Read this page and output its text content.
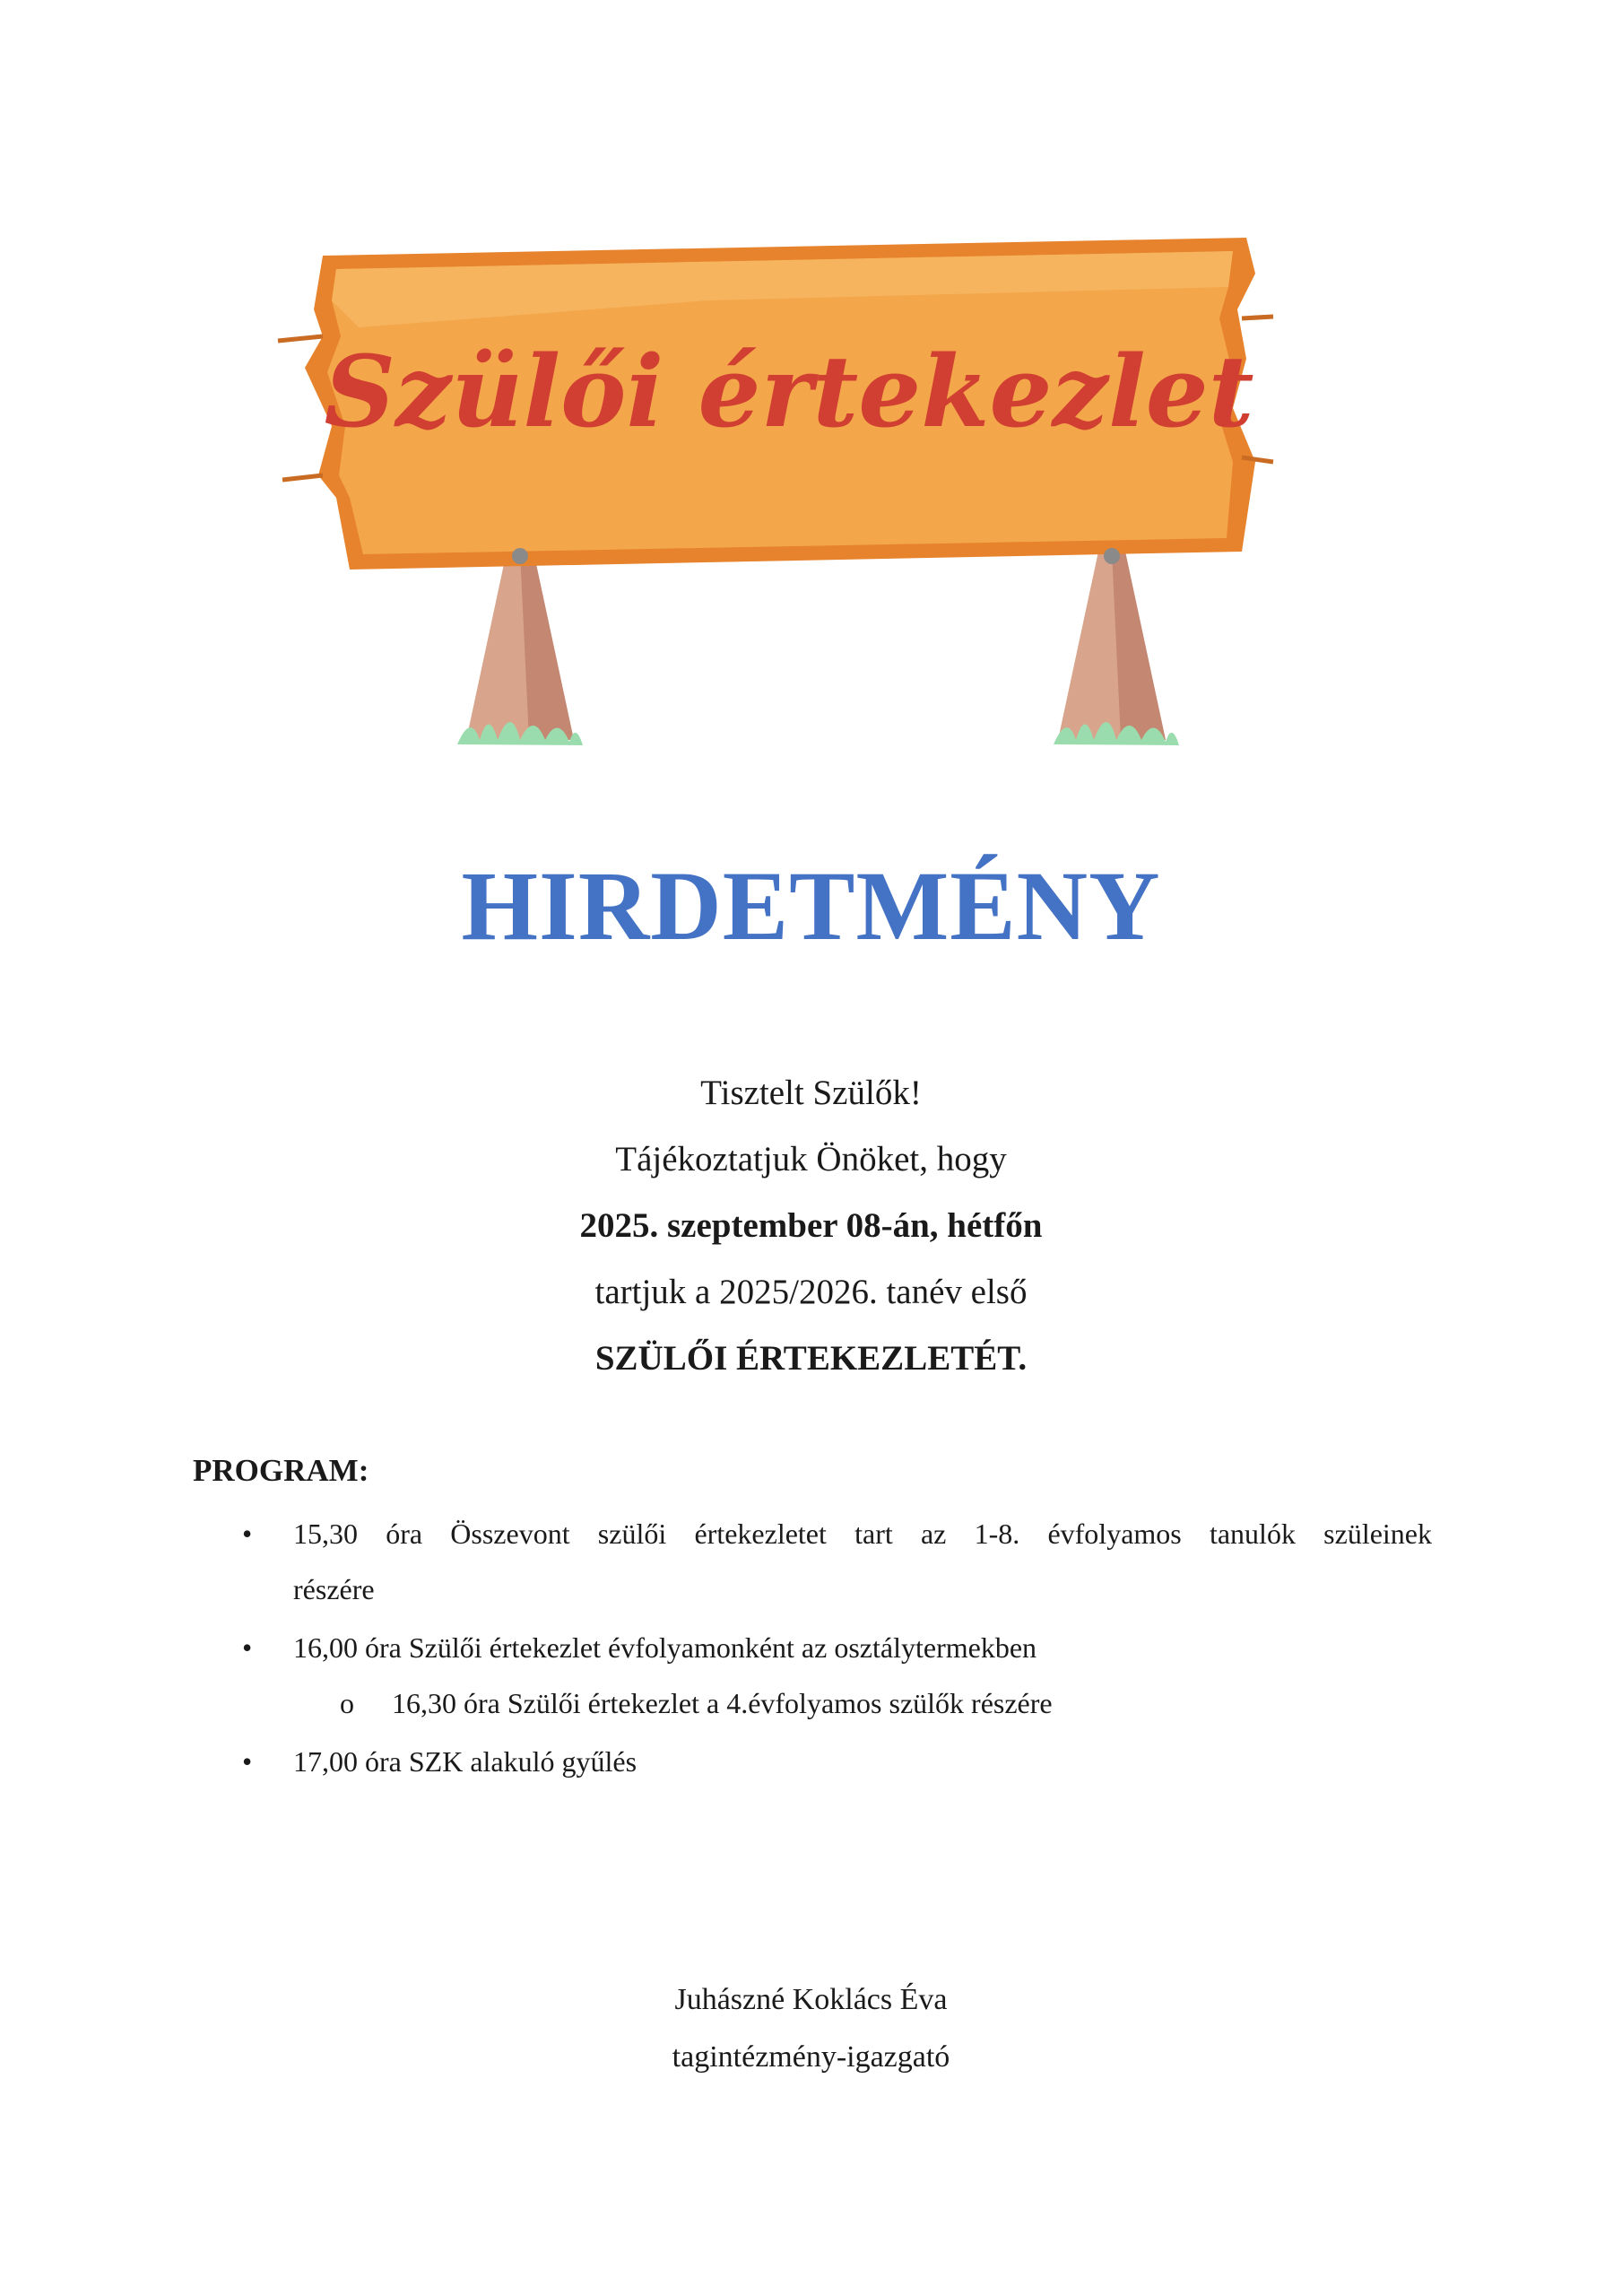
Szülői értekezlet
HIRDETMÉNY
Tisztelt Szülők!
Tájékoztatjuk Önöket, hogy
2025. szeptember 08-án, hétfőn
tartjuk a 2025/2026. tanév első
SZÜLŐI ÉRTEKEZLETÉT.
PROGRAM:
• 15,30 óra Összevont szülői értekezletet tart az 1-8. évfolyamos tanulók szüleinek
részére
• 16,00 óra Szülői értekezlet évfolyamonként az osztálytermekben
o 16,30 óra Szülői értekezlet a 4.évfolyamos szülők részére
• 17,00 óra SZK alakuló gyűlés
Juhászné Koklács Éva
tagintézmény-igazgató
